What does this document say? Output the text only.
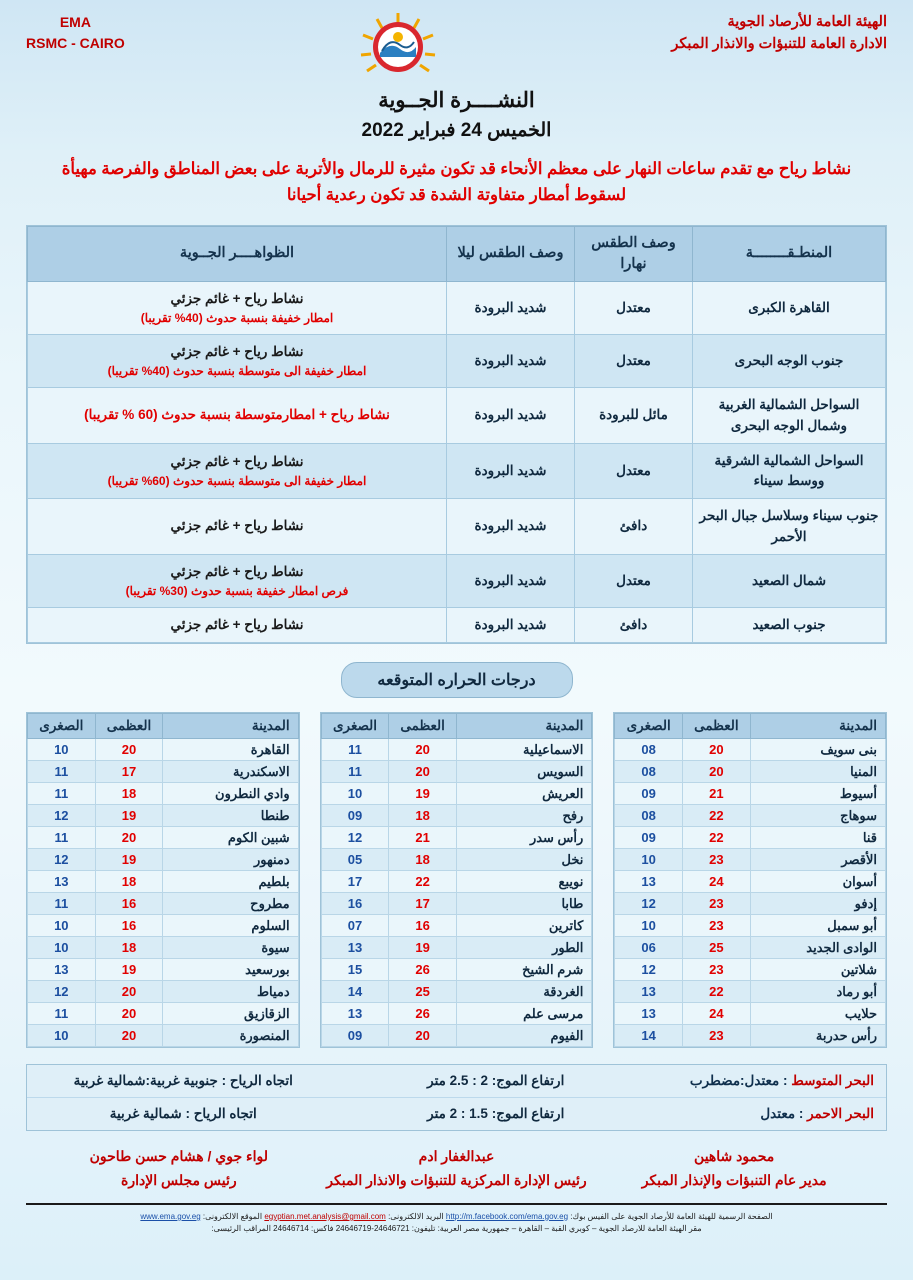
الهيئة العامة للأرصاد الجوية
الادارة العامة للتنبؤات والانذار المبكر
EMA
RSMC - CAIRO
النشــــرة الجــوية
الخميس 24 فبراير 2022
نشاط رياح مع تقدم ساعات النهار على معظم الأنحاء قد تكون مثيرة للرمال والأتربة على بعض المناطق والفرصة مهيأة لسقوط أمطار متفاوتة الشدة قد تكون رعدية أحيانا
المنطـقــــــــة	وصف الطقس نهارا	وصف الطقس ليلا	الظواهــــر الجــوية
القاهرة الكبرى	معتدل	شديد البرودة	نشاط رياح + غائم جزئي
امطار خفيفة بنسبة حدوث (40% تقريبا)

جنوب الوجه البحرى	معتدل	شديد البرودة	نشاط رياح + غائم جزئي
امطار خفيفة الى متوسطة بنسبة حدوث (40% تقريبا)

السواحل الشمالية الغربية وشمال الوجه البحرى	مائل للبرودة	شديد البرودة	نشاط رياح + امطارمتوسطة بنسبة حدوث (60 % تقريبا)

السواحل الشمالية الشرقية ووسط سيناء	معتدل	شديد البرودة	نشاط رياح + غائم جزئي
امطار خفيفة الى متوسطة بنسبة حدوث (60% تقريبا)

جنوب سيناء وسلاسل جبال البحر الأحمر	دافئ	شديد البرودة	نشاط رياح + غائم جزئي

شمال الصعيد	معتدل	شديد البرودة	نشاط رياح + غائم جزئي
فرص امطار خفيفة بنسبة حدوث (30% تقريبا)

جنوب الصعيد	دافئ	شديد البرودة	نشاط رياح + غائم جزئي
درجات الحراره المتوقعه
المدينة	العظمى	الصغرى
بنى سويف	20	08
المنيا	20	08
أسيوط	21	09
سوهاج	22	08
قنا	22	09
الأقصر	23	10
أسوان	24	13
إدفو	23	12
أبو سمبل	23	10
الوادى الجديد	25	06
شلاتين	23	12
أبو رماد	22	13
حلايب	24	13
رأس حدربة	23	14
المدينة	العظمى	الصغرى
الاسماعيلية	20	11
السويس	20	11
العريش	19	10
رفح	18	09
رأس سدر	21	12
نخل	18	05
نويبع	22	17
طابا	17	16
كاترين	16	07
الطور	19	13
شرم الشيخ	26	15
الغردقة	25	14
مرسى علم	26	13
الفيوم	20	09
المدينة	العظمى	الصغرى
القاهرة	20	10
الاسكندرية	17	11
وادي النطرون	18	11
طنطا	19	12
شبين الكوم	20	11
دمنهور	19	12
بلطيم	18	13
مطروح	16	11
السلوم	16	10
سيوة	18	10
بورسعيد	19	13
دمياط	20	12
الزقازيق	20	11
المنصورة	20	10
البحر المتوسط : معتدل:مضطرب
ارتفاع الموج: 2 : 2.5 متر
اتجاه الرياح : جنوبية غربية:شمالية غربية
البحر الاحمر : معتدل
ارتفاع الموج: 1.5 : 2 متر
اتجاه الرياح : شمالية غربية
محمود شاهين
مدير عام التنبؤات والإنذار المبكر
عبدالغفار ادم
رئيس الإدارة المركزية للتنبؤات والانذار المبكر
لواء جوي / هشام حسن طاحون
رئيس مجلس الإدارة
الصفحة الرسمية للهيئة العامة للأرصاد الجوية على الفيس بوك: http://m.facebook.com/ema.gov.eg البريد الالكترونى: egyptian.met.analysis@gmail.com الموقع الالكترونى: www.ema.gov.eg
مقر الهيئة العامة للارصاد الجوية – كوبري القبة – القاهرة – جمهورية مصر العربية: تليفون: 24646721-24646719 فاكس: 24646714 المراقب الرئيسى:
